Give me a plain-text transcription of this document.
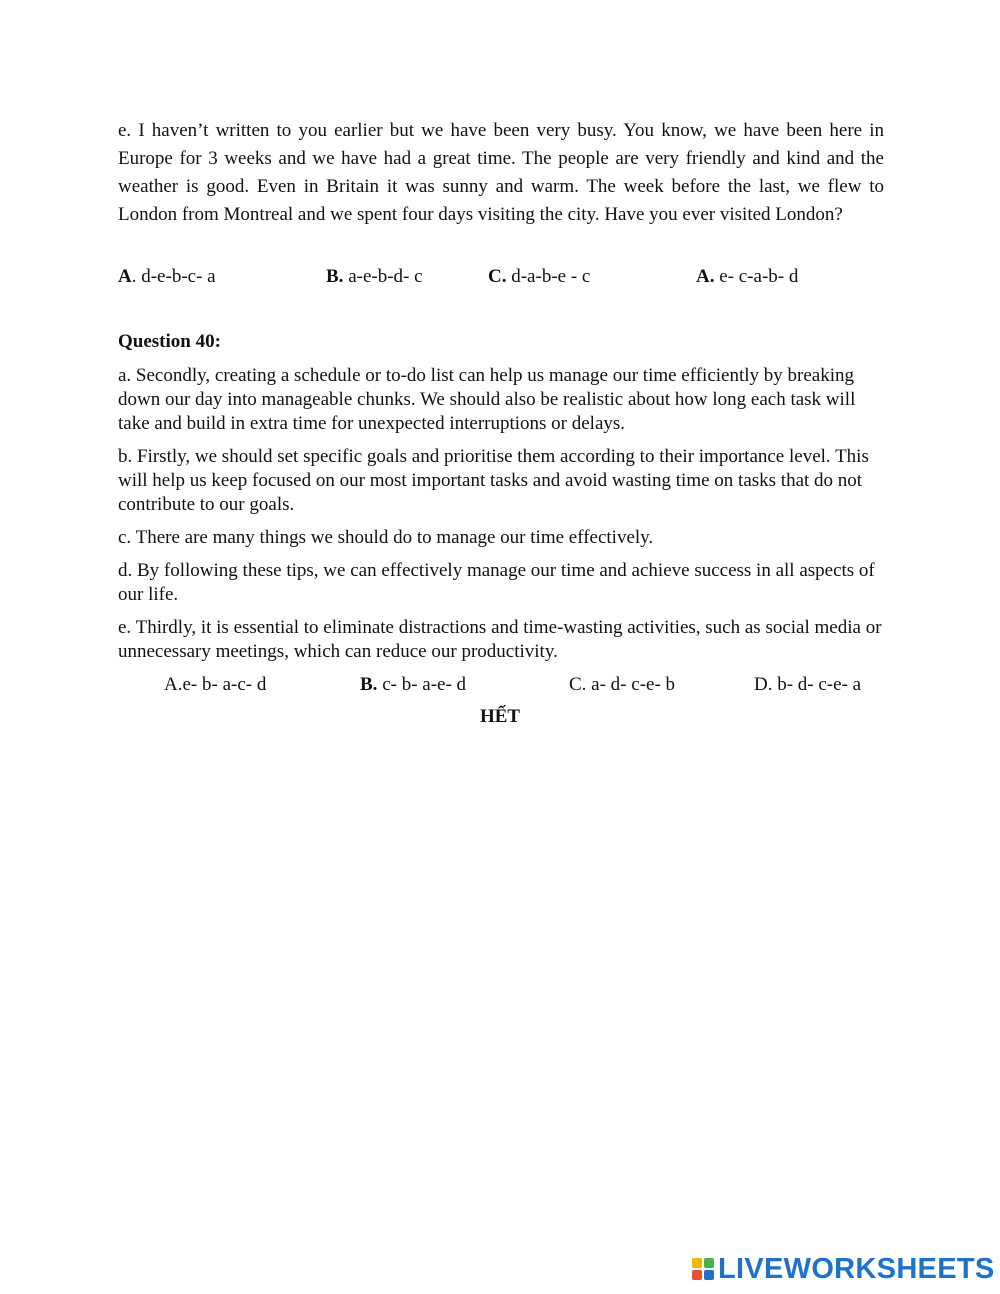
e. I haven’t written to you earlier but we have been very busy. You know, we have been here in Europe for 3 weeks and we have had a great time. The people are very friendly and kind and the weather is good. Even in Britain it was sunny and warm. The week before the last, we flew to London from Montreal and we spent four days visiting the city. Have you ever visited London?

A. d-e-b-c- a	B. a-e-b-d- c	C. d-a-b-e - c	A. e- c-a-b- d
Question 40:

a. Secondly, creating a schedule or to-do list can help us manage our time efficiently by breaking down our day into manageable chunks. We should also be realistic about how long each task will take and build in extra time for unexpected interruptions or delays.

b. Firstly, we should set specific goals and prioritise them according to their importance level. This will help us keep focused on our most important tasks and avoid wasting time on tasks that do not contribute to our goals.

c. There are many things we should do to manage our time effectively.

d. By following these tips, we can effectively manage our time and achieve success in all aspects of our life.

e. Thirdly, it is essential to eliminate distractions and time-wasting activities, such as social media or unnecessary meetings, which can reduce our productivity.

A.e- b- a-c- d	B. c- b- a-e- d	C. a- d- c-e- b	D. b- d- c-e- a
HẾT
LIVEWORKSHEETS
